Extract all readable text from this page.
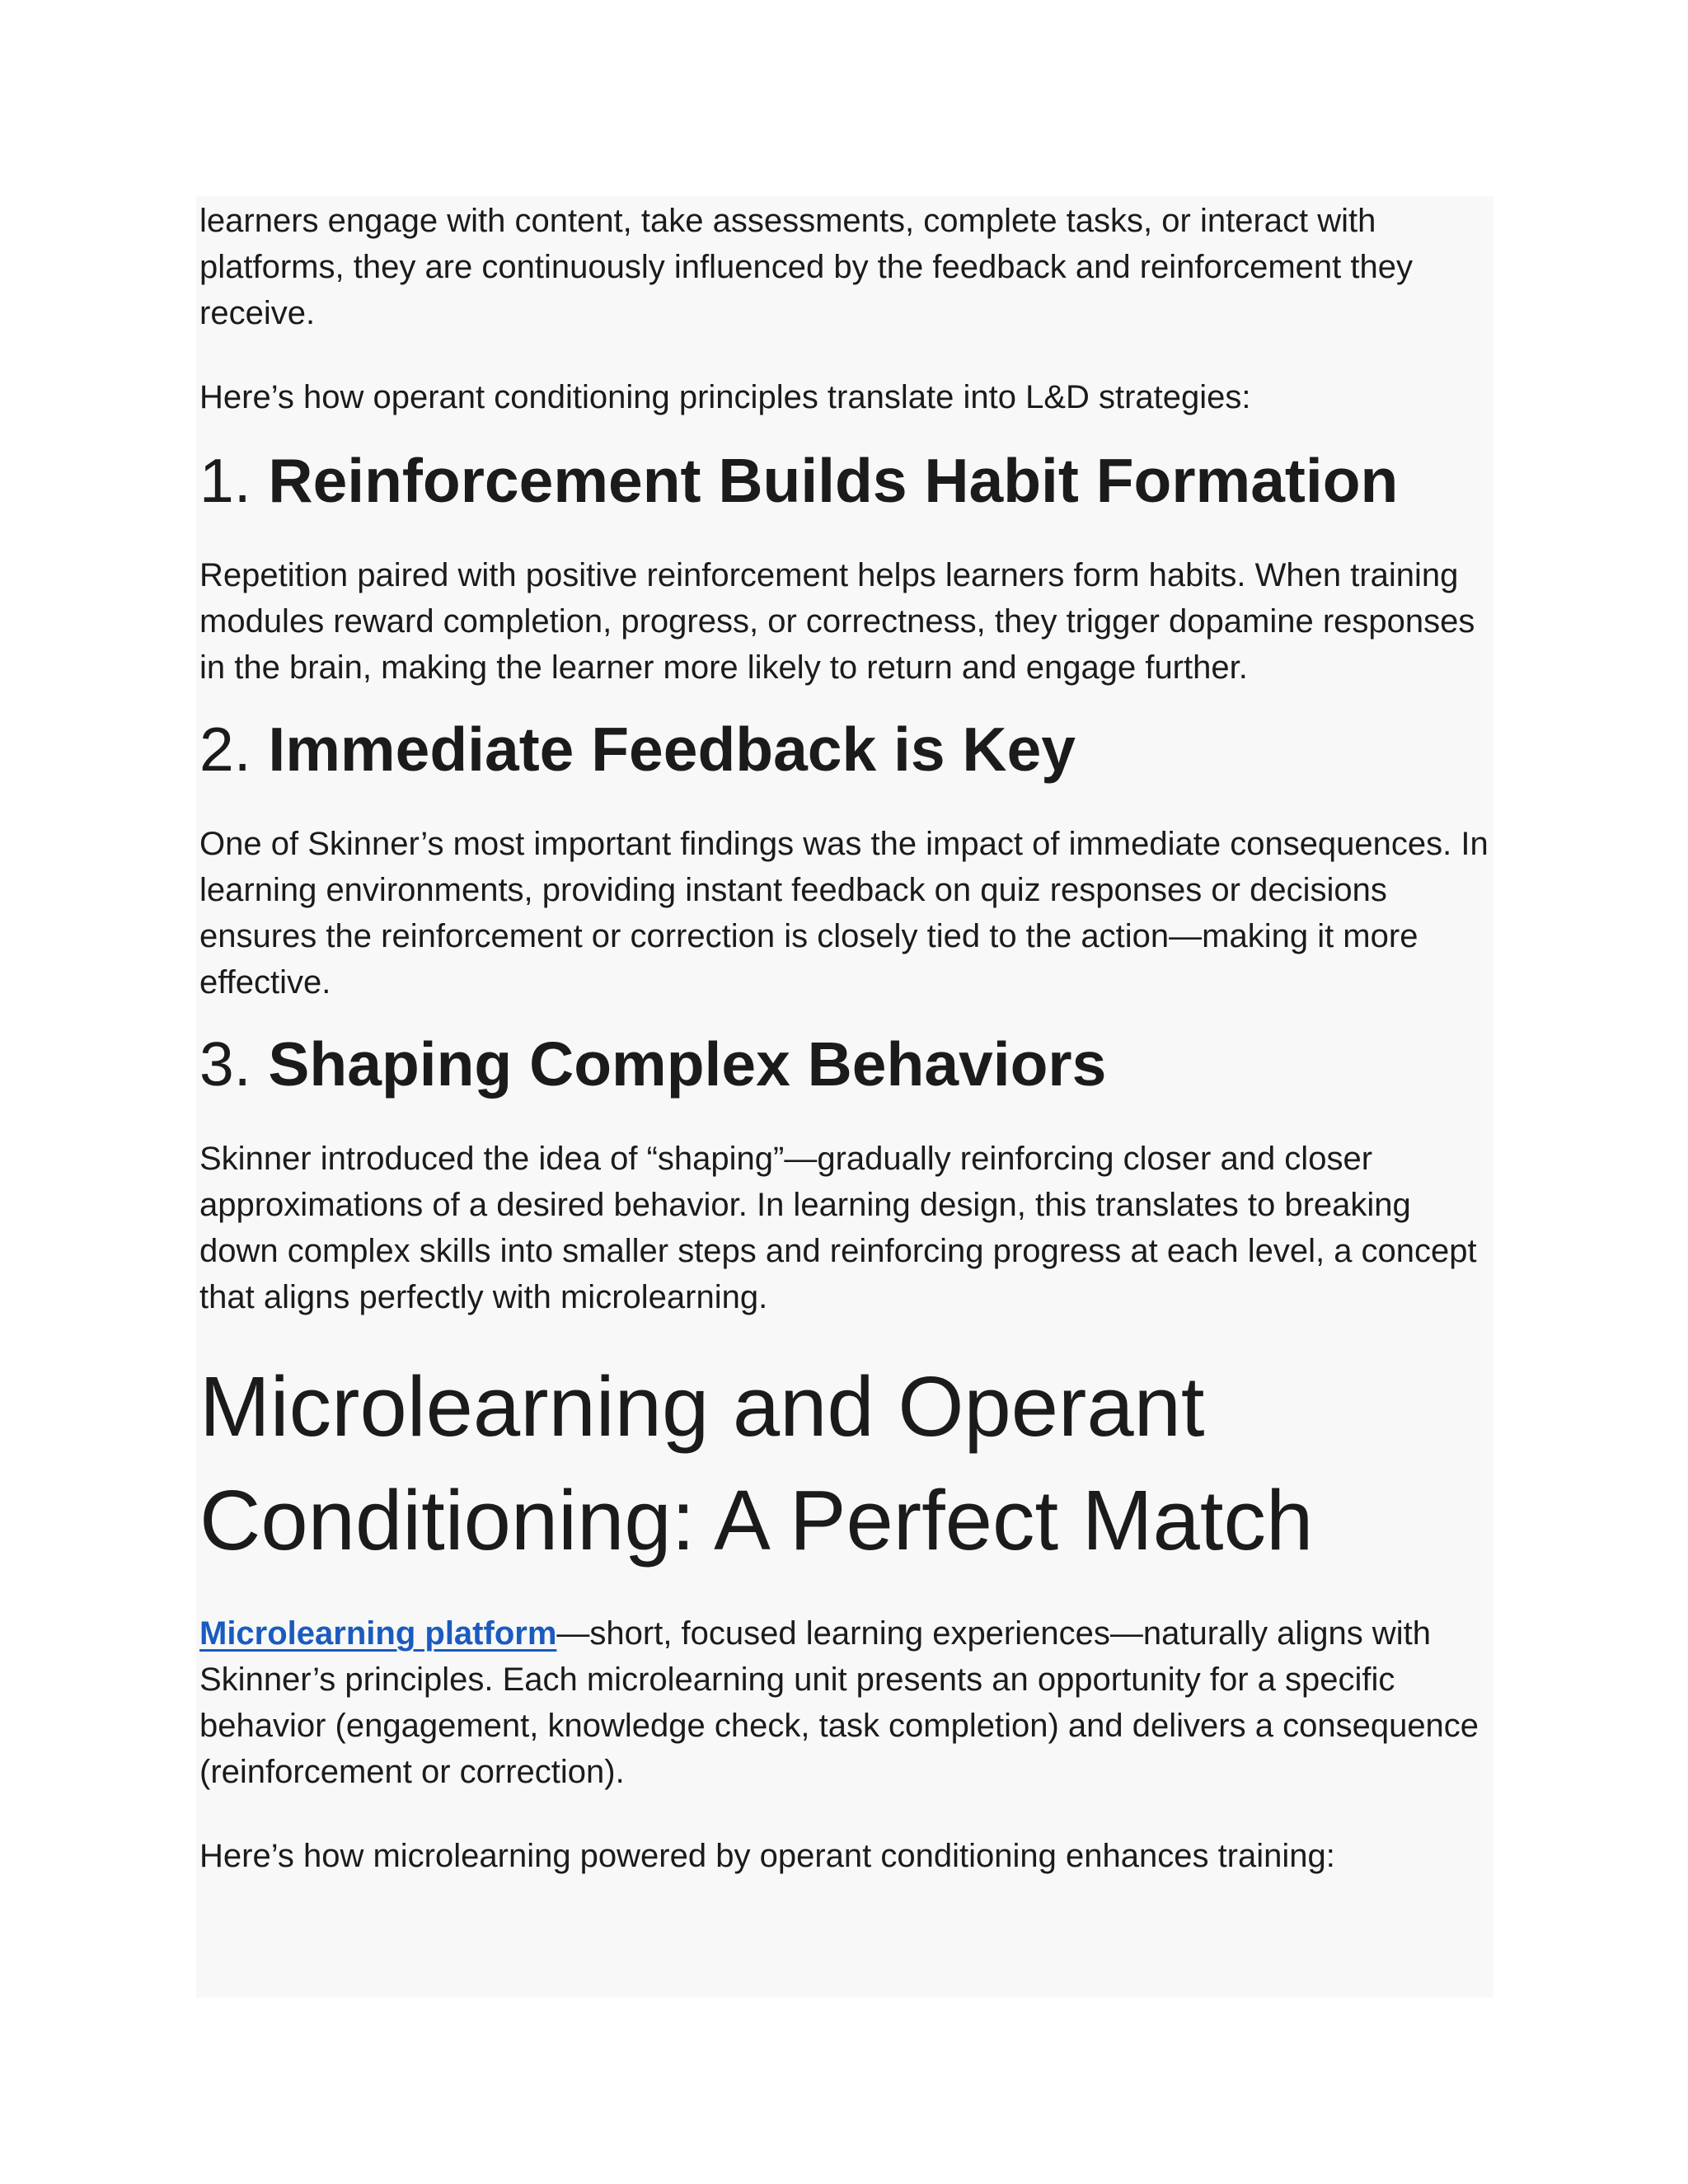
learners engage with content, take assessments, complete tasks, or interact with platforms, they are continuously influenced by the feedback and reinforcement they receive.

Here’s how operant conditioning principles translate into L&D strategies:

1. Reinforcement Builds Habit Formation

Repetition paired with positive reinforcement helps learners form habits. When training modules reward completion, progress, or correctness, they trigger dopamine responses in the brain, making the learner more likely to return and engage further.

2. Immediate Feedback is Key

One of Skinner’s most important findings was the impact of immediate consequences. In learning environments, providing instant feedback on quiz responses or decisions ensures the reinforcement or correction is closely tied to the action—making it more effective.

3. Shaping Complex Behaviors

Skinner introduced the idea of “shaping”—gradually reinforcing closer and closer approximations of a desired behavior. In learning design, this translates to breaking down complex skills into smaller steps and reinforcing progress at each level, a concept that aligns perfectly with microlearning.

Microlearning and Operant Conditioning: A Perfect Match

Microlearning platform—short, focused learning experiences—naturally aligns with Skinner’s principles. Each microlearning unit presents an opportunity for a specific behavior (engagement, knowledge check, task completion) and delivers a consequence (reinforcement or correction).

Here’s how microlearning powered by operant conditioning enhances training:
